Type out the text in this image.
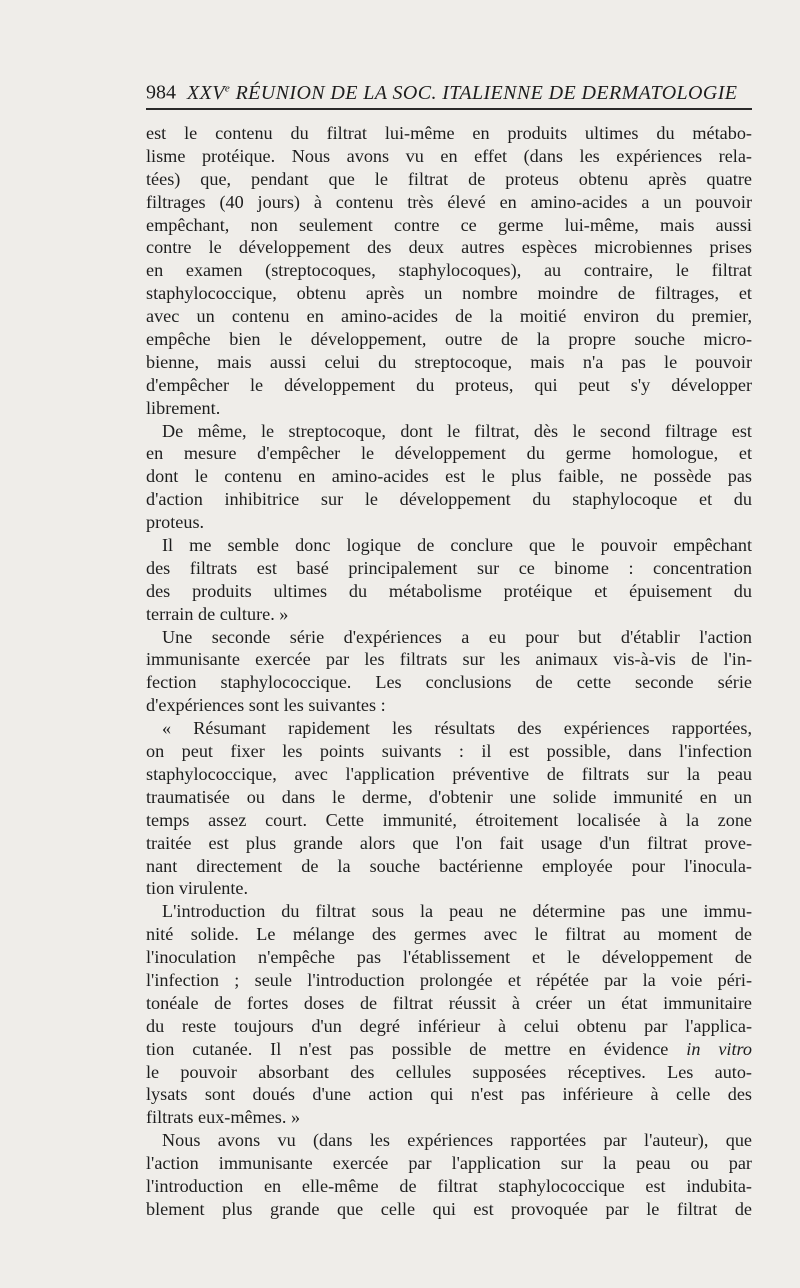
984 XXVe RÉUNION DE LA SOC. ITALIENNE DE DERMATOLOGIE
est le contenu du filtrat lui-même en produits ultimes du métabo-
lisme protéique. Nous avons vu en effet (dans les expériences rela-
tées) que, pendant que le filtrat de proteus obtenu après quatre
filtrages (40 jours) à contenu très élevé en amino-acides a un pouvoir
empêchant, non seulement contre ce germe lui-même, mais aussi
contre le développement des deux autres espèces microbiennes prises
en examen (streptocoques, staphylocoques), au contraire, le filtrat
staphylococcique, obtenu après un nombre moindre de filtrages, et
avec un contenu en amino-acides de la moitié environ du premier,
empêche bien le développement, outre de la propre souche micro-
bienne, mais aussi celui du streptocoque, mais n'a pas le pouvoir
d'empêcher le développement du proteus, qui peut s'y développer
librement.
De même, le streptocoque, dont le filtrat, dès le second filtrage est
en mesure d'empêcher le développement du germe homologue, et
dont le contenu en amino-acides est le plus faible, ne possède pas
d'action inhibitrice sur le développement du staphylocoque et du
proteus.
Il me semble donc logique de conclure que le pouvoir empêchant
des filtrats est basé principalement sur ce binome : concentration
des produits ultimes du métabolisme protéique et épuisement du
terrain de culture. »
Une seconde série d'expériences a eu pour but d'établir l'action
immunisante exercée par les filtrats sur les animaux vis-à-vis de l'in-
fection staphylococcique. Les conclusions de cette seconde série
d'expériences sont les suivantes :
« Résumant rapidement les résultats des expériences rapportées,
on peut fixer les points suivants : il est possible, dans l'infection
staphylococcique, avec l'application préventive de filtrats sur la peau
traumatisée ou dans le derme, d'obtenir une solide immunité en un
temps assez court. Cette immunité, étroitement localisée à la zone
traitée est plus grande alors que l'on fait usage d'un filtrat prove-
nant directement de la souche bactérienne employée pour l'inocula-
tion virulente.
L'introduction du filtrat sous la peau ne détermine pas une immu-
nité solide. Le mélange des germes avec le filtrat au moment de
l'inoculation n'empêche pas l'établissement et le développement de
l'infection ; seule l'introduction prolongée et répétée par la voie péri-
tonéale de fortes doses de filtrat réussit à créer un état immunitaire
du reste toujours d'un degré inférieur à celui obtenu par l'applica-
tion cutanée. Il n'est pas possible de mettre en évidence in vitro
le pouvoir absorbant des cellules supposées réceptives. Les auto-
lysats sont doués d'une action qui n'est pas inférieure à celle des
filtrats eux-mêmes. »
Nous avons vu (dans les expériences rapportées par l'auteur), que
l'action immunisante exercée par l'application sur la peau ou par
l'introduction en elle-même de filtrat staphylococcique est indubita-
blement plus grande que celle qui est provoquée par le filtrat de
